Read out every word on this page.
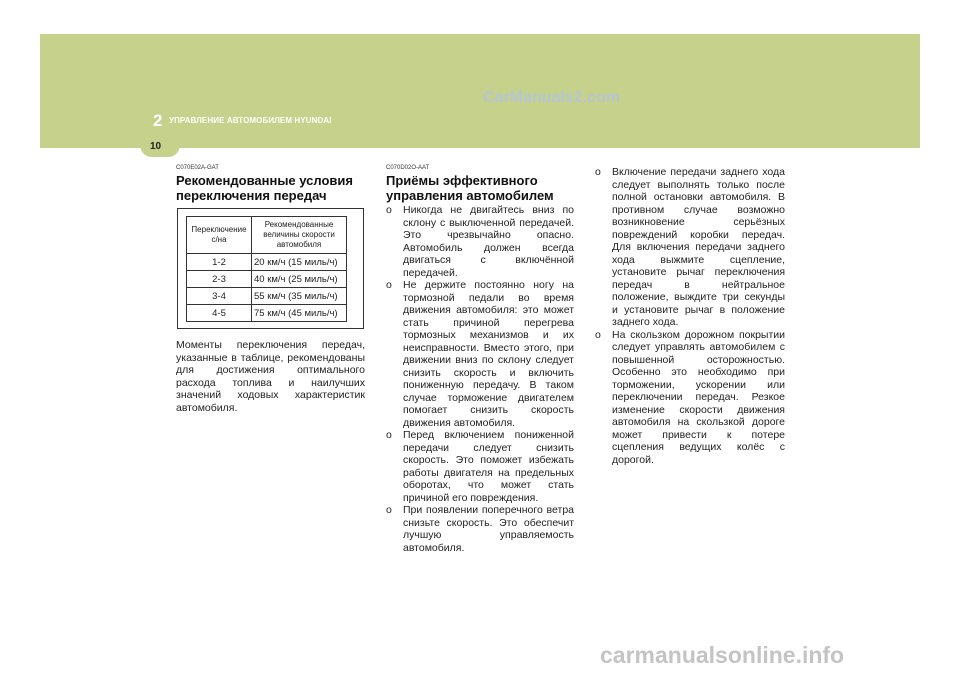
2 УПРАВЛЕНИЕ АВТОМОБИЛЕМ HYUNDAI
CarManuals2.com
10
C070E02A-GAT
Рекомендованные условия переключения передач
Переключение с/на	Рекомендованные величины скорости автомобиля
1-2	20 км/ч (15 миль/ч)
2-3	40 км/ч (25 миль/ч)
3-4	55 км/ч (35 миль/ч)
4-5	75 км/ч (45 миль/ч)

Моменты переключения передач, указанные в таблице, рекомендованы для достижения оптимального расхода топлива и наилучших значений ходовых характеристик автомобиля.

C070D02O-AAT
Приёмы эффективного управления автомобилем
o Никогда не двигайтесь вниз по склону с выключенной передачей. Это чрезвычайно опасно. Автомобиль должен всегда двигаться с включённой передачей.
o Не держите постоянно ногу на тормозной педали во время движения автомобиля: это может стать причиной перегрева тормозных механизмов и их неисправности. Вместо этого, при движении вниз по склону следует снизить скорость и включить пониженную передачу. В таком случае торможение двигателем помогает снизить скорость движения автомобиля.
o Перед включением пониженной передачи следует снизить скорость. Это поможет избежать работы двигателя на предельных оборотах, что может стать причиной его повреждения.
o При появлении поперечного ветра снизьте скорость. Это обеспечит лучшую управляемость автомобиля.
o Включение передачи заднего хода следует выполнять только после полной остановки автомобиля. В противном случае возможно возникновение серьёзных повреждений коробки передач. Для включения передачи заднего хода выжмите сцепление, установите рычаг переключения передач в нейтральное положение, выждите три секунды и установите рычаг в положение заднего хода.
o На скользком дорожном покрытии следует управлять автомобилем с повышенной осторожностью. Особенно это необходимо при торможении, ускорении или переключении передач. Резкое изменение скорости движения автомобиля на скользкой дороге может привести к потере сцепления ведущих колёс с дорогой.
carmanualsonline.info
